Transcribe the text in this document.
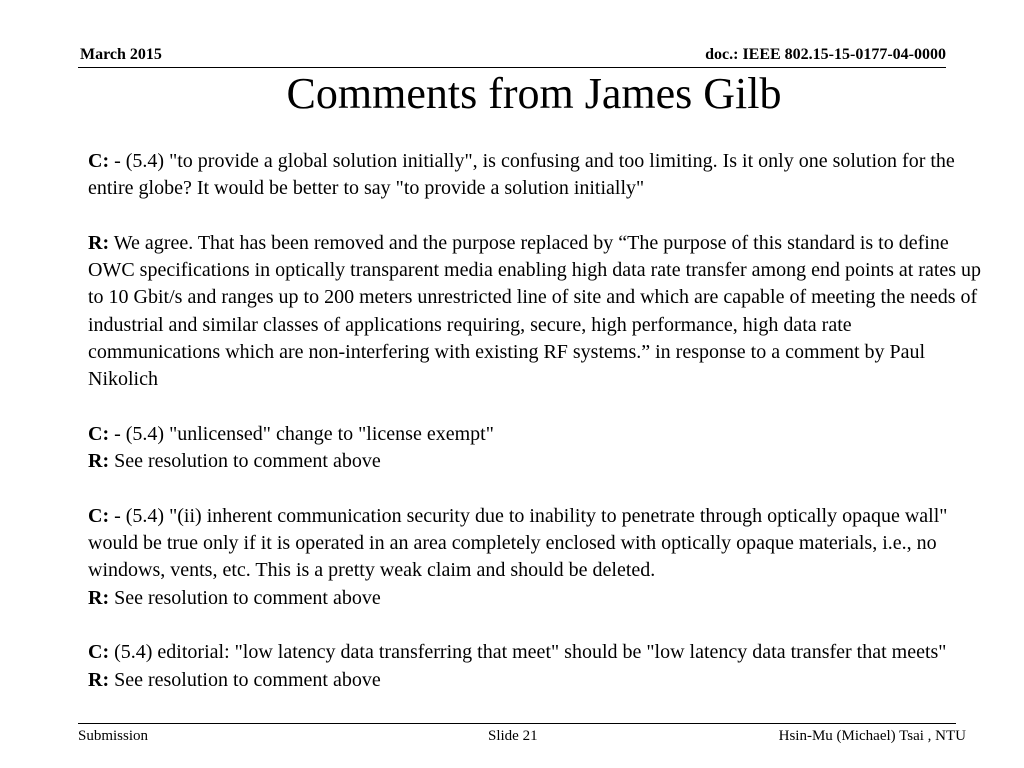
March 2015	doc.: IEEE 802.15-15-0177-04-0000
Comments from James Gilb

C: - (5.4) "to provide a global solution initially", is confusing and too limiting. Is it only one solution for the entire globe? It would be better to say "to provide a solution initially"

R: We agree. That has been removed and the purpose replaced by “The purpose of this standard is to define OWC specifications in optically transparent media enabling high data rate transfer among end points at rates up to 10 Gbit/s and ranges up to 200 meters unrestricted line of site and which are capable of meeting the needs of industrial and similar classes of applications requiring, secure, high performance, high data rate communications which are non-interfering with existing RF systems.” in response to a comment by Paul Nikolich

C: - (5.4) "unlicensed" change to "license exempt"

R: See resolution to comment above

C: - (5.4) "(ii) inherent communication security due to inability to penetrate through optically opaque wall" would be true only if it is operated in an area completely enclosed with optically opaque materials, i.e., no windows, vents, etc. This is a pretty weak claim and should be deleted.

R: See resolution to comment above

C: (5.4) editorial: "low latency data transferring that meet" should be "low latency data transfer that meets"

R: See resolution to comment above

Submission	Slide 21	Hsin-Mu (Michael) Tsai , NTU
